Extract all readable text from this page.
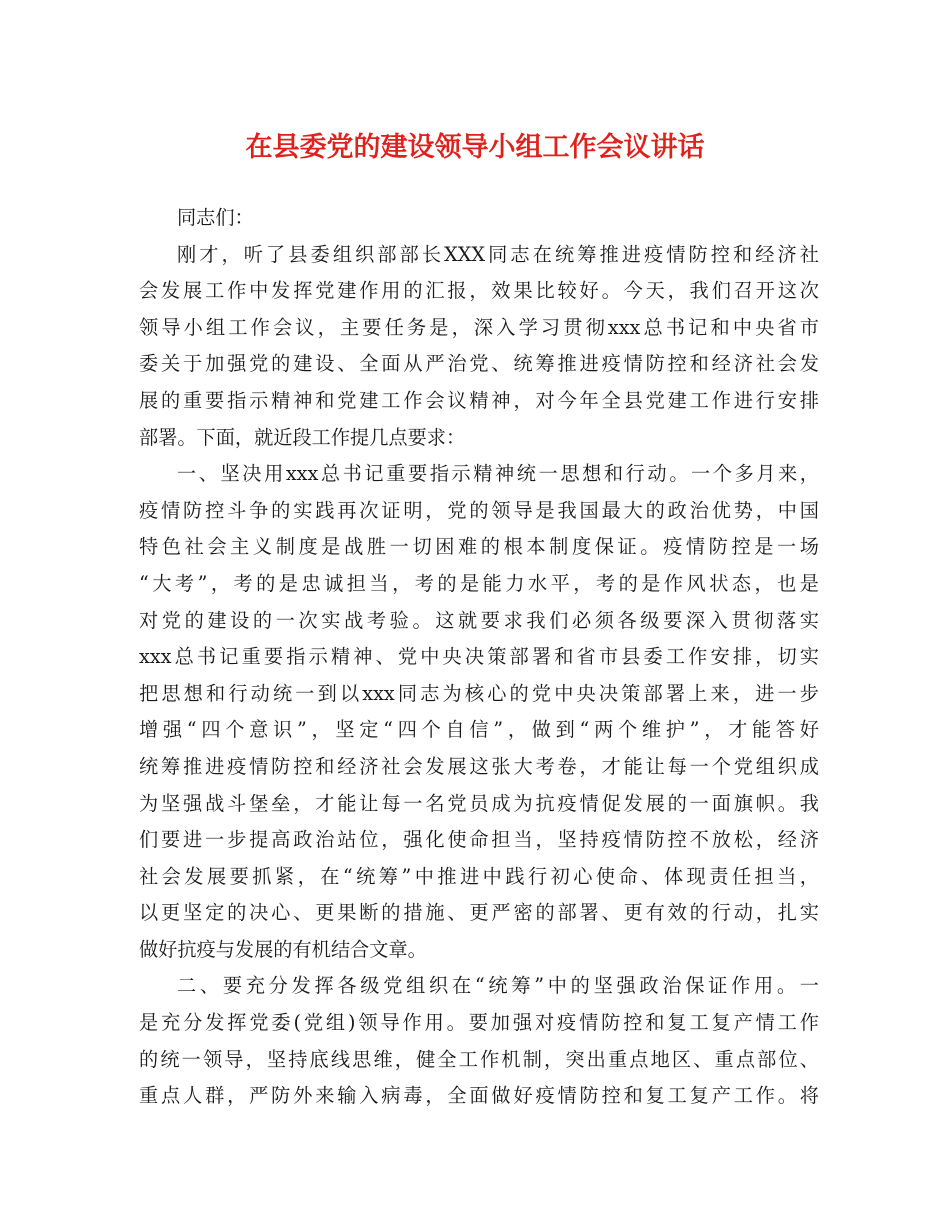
在县委党的建设领导小组工作会议讲话
同志们：
刚才，听了县委组织部部长XXX同志在统筹推进疫情防控和经济社
会发展工作中发挥党建作用的汇报，效果比较好。今天，我们召开这次
领导小组工作会议，主要任务是，深入学习贯彻xxx总书记和中央省市
委关于加强党的建设、全面从严治党、统筹推进疫情防控和经济社会发
展的重要指示精神和党建工作会议精神，对今年全县党建工作进行安排
部署。下面，就近段工作提几点要求：
一、坚决用xxx总书记重要指示精神统一思想和行动。一个多月来，
疫情防控斗争的实践再次证明，党的领导是我国最大的政治优势，中国
特色社会主义制度是战胜一切困难的根本制度保证。疫情防控是一场
“大考”，考的是忠诚担当，考的是能力水平，考的是作风状态，也是
对党的建设的一次实战考验。这就要求我们必须各级要深入贯彻落实
xxx总书记重要指示精神、党中央决策部署和省市县委工作安排，切实
把思想和行动统一到以xxx同志为核心的党中央决策部署上来，进一步
增强“四个意识”，坚定“四个自信”，做到“两个维护”，才能答好
统筹推进疫情防控和经济社会发展这张大考卷，才能让每一个党组织成
为坚强战斗堡垒，才能让每一名党员成为抗疫情促发展的一面旗帜。我
们要进一步提高政治站位，强化使命担当，坚持疫情防控不放松，经济
社会发展要抓紧，在“统筹”中推进中践行初心使命、体现责任担当，
以更坚定的决心、更果断的措施、更严密的部署、更有效的行动，扎实
做好抗疫与发展的有机结合文章。
二、要充分发挥各级党组织在“统筹”中的坚强政治保证作用。一
是充分发挥党委(党组)领导作用。要加强对疫情防控和复工复产情工作
的统一领导，坚持底线思维，健全工作机制，突出重点地区、重点部位、
重点人群，严防外来输入病毒，全面做好疫情防控和复工复产工作。将
